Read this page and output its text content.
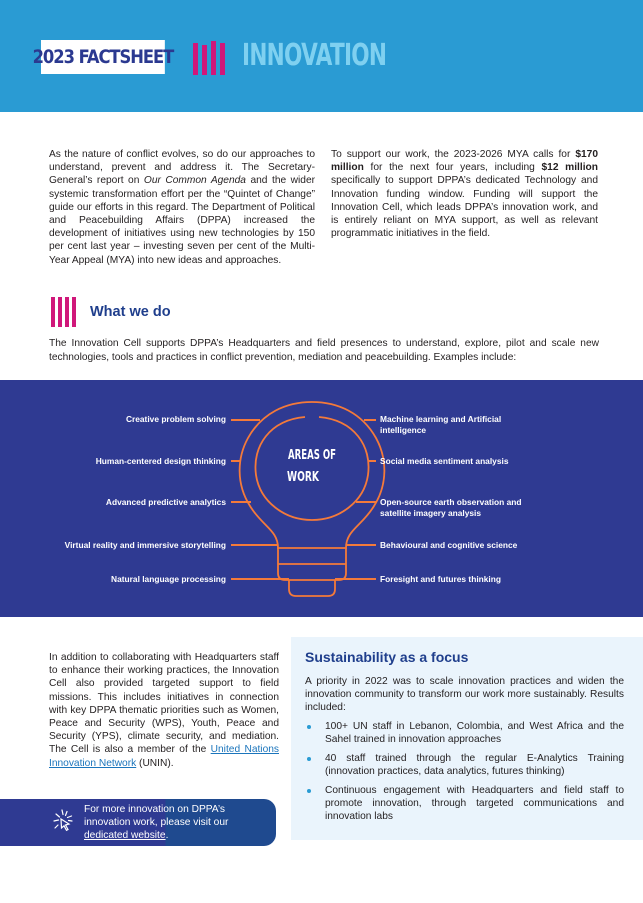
2023 FACTSHEET INNOVATION

As the nature of conflict evolves, so do our approaches to understand, prevent and address it. The Secretary-General’s report on Our Common Agenda and the wider systemic transformation effort per the “Quintet of Change” guide our efforts in this regard. The Department of Political and Peacebuilding Affairs (DPPA) increased the development of initiatives using new technologies by 150 per cent last year – investing seven per cent of the Multi-Year Appeal (MYA) into new ideas and approaches.

To support our work, the 2023-2026 MYA calls for $170 million for the next four years, including $12 million specifically to support DPPA’s dedicated Technology and Innovation funding window. Funding will support the Innovation Cell, which leads DPPA’s innovation work, and is entirely reliant on MYA support, as well as relevant programmatic initiatives in the field.

What we do

The Innovation Cell supports DPPA’s Headquarters and field presences to understand, explore, pilot and scale new technologies, tools and practices in conflict prevention, mediation and peacebuilding. Examples include:

AREAS OF
WORK
Creative problem solving
Human-centered design thinking
Advanced predictive analytics
Virtual reality and immersive storytelling
Natural language processing
Machine learning and Artificial
intelligence
Social media sentiment analysis
Open-source earth observation and
satellite imagery analysis
Behavioural and cognitive science
Foresight and futures thinking

In addition to collaborating with Headquarters staff to enhance their working practices, the Innovation Cell also provided targeted support to field missions. This includes initiatives in connection with key DPPA thematic priorities such as Women, Peace and Security (WPS), Youth, Peace and Security (YPS), climate security, and mediation. The Cell is also a member of the United Nations Innovation Network (UNIN).

For more innovation on DPPA’s innovation work, please visit our dedicated website.

Sustainability as a focus

A priority in 2022 was to scale innovation practices and widen the innovation community to transform our work more sustainably. Results included:

100+ UN staff in Lebanon, Colombia, and West Africa and the Sahel trained in innovation approaches
40 staff trained through the regular E-Analytics Training (innovation practices, data analytics, futures thinking)
Continuous engagement with Headquarters and field staff to promote innovation, through targeted communications and innovation labs
